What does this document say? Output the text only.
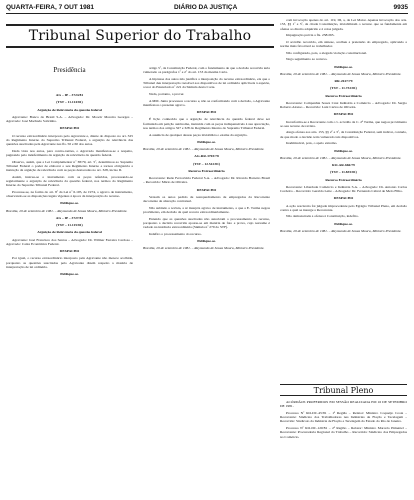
QUARTA-FEIRA, 7 OUT 1981	DIÁRIO DA JUSTIÇA	9935
Tribunal Superior do Trabalho
Presidência

AG – IP – 3724/81

(TST – 11.114/81)

Arguição de Relevância da questão federal

Agravante: Banco do Brasil S.A. – Advogado: Dr. Moacir Moreira Georges – Agravado: José Machado Sobrinho.

DESPACHO

O recurso extraordinário interposto pelo Agravante e, diante do disposto no art. 325 do Regimento Interno do Supremo Tribunal Federal, a arguição de relevância das questões suscitadas pela Agravante nas fls. 50 e 60 dos autos.

Dada vista nos autos, para contra-razões, o Agravado manifestou-se a respeito, pugnando pelo indeferimento da arguição de relevância da questão federal.

Observo, assim, que a Lei Complementar nº 38/79, art. 5º, determinou ao Supremo Tribunal Federal o poder de elaborar o seu Regimento Interno e tornou obrigatória a instrução da arguição de relevância com as peças destacadas no art. 328, inciso II.

Assim, instrua-se o instrumento com as peças referidas, processando-se regularmente a arguição de relevância da questão federal, nos termos do Regimento Interno do Supremo Tribunal Federal.

Processe-se, na forma do art. 8º da Lei nº 6.105, de 1974, o agravo de instrumento, observando-se as disposições legais vigentes à época da interposição do recurso.

Publique-se.

Brasília, 29 de setembro de 1981. – Raymundo de Souza Moura, Ministro Presidente.

AG – IP – 3727/81

(TST – 11.115/81)

Arguição de Relevância da questão federal

Agravante: José Francisco dos Santos – Advogado: Dr. Wilmar Ferreira Cardoso – Agravado: Caixa Econômica Federal.

DESPACHO

Por igual, o recurso extraordinário interposto pela Agravante não merece acolhida, porquanto as questões suscitadas pelo Agravante dizem respeito a matéria de interpretação de lei ordinária.

Publique-se.

artigo 5º, da Constituição Federal, com o fundamento de que a decisão recorrida teria vulnerado os parágrafos 1º e 2º do art. 153 da mesma Carta.

A hipótese dos autos não justifica a interposição do recurso extraordinário, eis que o Tribunal deu interpretação razoável aos dispositivos de lei ordinária aplicáveis à espécie, a teor do Enunciado nº 221 da Súmula desta Corte.

Nada, portanto, a prover.

A MM. Junta processou o recurso e, não se conformando com a decisão, o Agravante manifestou o presente agravo.

DESPACHO

É lição conhecida que a arguição de relevância da questão federal deve ser formulada em petição autônoma, instruída com as peças indispensáveis à sua apreciação, nos termos dos artigos 327 e 328 do Regimento Interno do Supremo Tribunal Federal.

A ausência de qualquer dessas peças inviabiliza o exame da arguição.

Publique-se.

Brasília, 29 de setembro de 1981. – Raymundo de Souza Moura, Ministro Presidente.

AG-RR-3703/78

(TST – 12.512/81)

Recurso Extraordinário

Recorrente: Rede Ferroviária Federal S.A. – Advogado: Dr. Ricardo Barretto Brasil – Recorrido: Mário de Oliveira.

DESPACHO

Versam os autos pedido de reenquadramento de empregados da Recorrente decorrente de alteração contratual.

Não subindo a revista, a ré interpôs agravo de instrumento, a que a E. Turma negou provimento, em decisão da qual recorre extraordinariamente.

Entendo que as questões suscitadas não autorizam o processamento do recurso, porquanto a decisão recorrida apoiou-se em matéria de fato e prova, cujo reexame é vedado na instância extraordinária (Súmula nº 279 do STF).

Indefiro o processamento do recurso.

Publique-se.

Brasília, 29 de setembro de 1981. – Raymundo de Souza Moura, Ministro Presidente.

com invocação apenas do art. 119, III, a, da Lei Maior. Apenas invocação dos arts. 153, §§ 1º e 3º, da citada Constituição, inviabilizam o recurso que se fundamenta em ofensa ao direito adquirido e à coisa julgada.

Impugnação prévia a fls. 258/265.

O acórdão recorrido, em síntese, acolheu a pretensão do empregado, aplicando a norma mais favorável ao trabalhador.

Não configurada, pois, a alegada violação constitucional.

Nego seguimento ao recurso.

Publique-se.

Brasília, 29 de setembro de 1981. – Raymundo de Souza Moura, Ministro Presidente.

RR-2617/79

(TST – 11.732/81)

Recurso Extraordinário

Recorrente: Companhia Souza Cruz Indústria e Comércio – Advogado: Dr. Sergio Roberto Alonso – Recorrido: Luiz Carlos de Oliveira.

DESPACHO

Inconforma-se a Recorrente com o v. acórdão da C. 2ª Turma, que negou provimento ao seu recurso de revista.

Alega ofensa aos arts. 153, §§ 2º e 3º, da Constituição Federal, sem indicar, contudo, de que modo a decisão teria vulnerado tais dispositivos.

Inadmissível, pois, o apelo extremo.

Publique-se.

Brasília, 29 de setembro de 1981. – Raymundo de Souza Moura, Ministro Presidente.

RO-AR-666/79

(TST – 11.835/81)

Recurso Extraordinário

Recorrente: Liberdade Comércio e Indústria S.A. – Advogado: Dr. Antonio Carlos Cordeiro – Recorrido: Geraldo Leite – Advogado: Dr. Fernando Cabral de Melo Filho.

DESPACHO

A ação rescisória foi julgada improcedente pelo Egrégio Tribunal Pleno, em decisão contra a qual se insurge a Recorrente.

Não demonstrada a ofensa à Constituição, indefiro.

Publique-se.

Brasília, 29 de setembro de 1981. – Raymundo de Souza Moura, Ministro Presidente.

Tribunal Pleno

ACÓRDÃOS PROFERIDOS EM SESSÃO REALIZADA EM 16 DE SETEMBRO DE 1981.

Processo Nº RO-DC-45/81 – 1ª Região – Relator: Ministro Coqueijo Costa – Recorrente: Sindicato dos Trabalhadores nas Indústrias de Fiação e Tecelagem – Recorrido: Sindicato da Indústria de Fiação e Tecelagem do Estado do Rio de Janeiro.

Processo Nº RO-DC-120/81 – 2ª Região – Relator: Ministro Marcelo Pimentel – Recorrente: Procuradoria Regional do Trabalho – Recorrido: Sindicato dos Empregados no Comércio.
